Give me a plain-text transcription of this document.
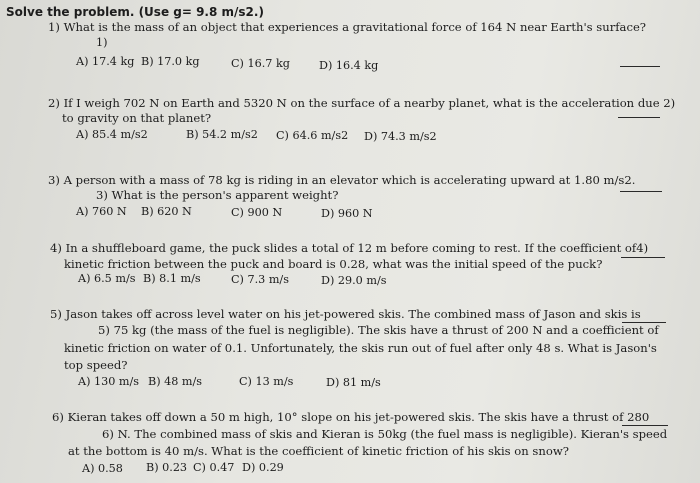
Solve the problem. (Use g= 9.8 m/s2.)
1) What is the mass of an object that experiences a gravitational force of 164 N near Earth's surface?
1)
A) 17.4 kg B) 17.0 kg	C) 16.7 kg	D) 16.4 kg
2) If I weigh 702 N on Earth and 5320 N on the surface of a nearby planet, what is the acceleration due 2)
to gravity on that planet?
A) 85.4 m/s2	B) 54.2 m/s2 C) 64.6 m/s2 D) 74.3 m/s2
3) A person with a mass of 78 kg is riding in an elevator which is accelerating upward at 1.80 m/s2.
3) What is the person's apparent weight?
A) 760 N B) 620 N	C) 900 N	D) 960 N
4) In a shuffleboard game, the puck slides a total of 12 m before coming to rest. If the coefficient of4)
kinetic friction between the puck and board is 0.28, what was the initial speed of the puck?
A) 6.5 m/s B) 8.1 m/s	C) 7.3 m/s	D) 29.0 m/s
5) Jason takes off across level water on his jet-powered skis. The combined mass of Jason and skis is
5) 75 kg (the mass of the fuel is negligible). The skis have a thrust of 200 N and a coefficient of
kinetic friction on water of 0.1. Unfortunately, the skis run out of fuel after only 48 s. What is Jason's
top speed?
A) 130 m/s B) 48 m/s	C) 13 m/s	D) 81 m/s
6) Kieran takes off down a 50 m high, 10° slope on his jet-powered skis. The skis have a thrust of 280
6) N. The combined mass of skis and Kieran is 50kg (the fuel mass is negligible). Kieran's speed
at the bottom is 40 m/s. What is the coefficient of kinetic friction of his skis on snow?
A) 0.58 B) 0.23 C) 0.47 D) 0.29
